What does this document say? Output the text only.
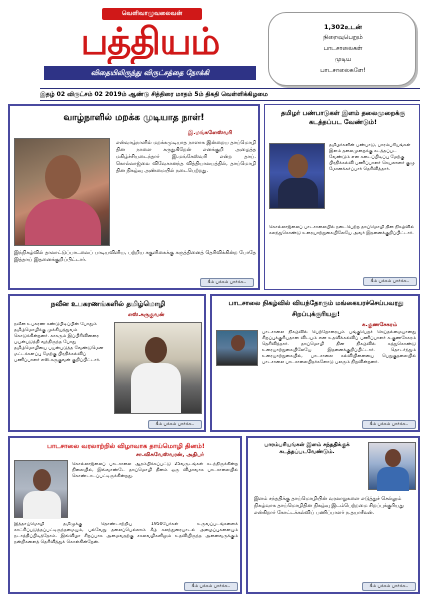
வெளிவாழுவலைவன்
பத்தியம்
விதையிலிருந்து விருட்சத்தை நோக்கி
1,302உடன்
நிறைவுபெறும்
பாடசாலைகள்
முடிய
பாடசாலைகளே!
இதழ் 02 விருட்சம் 02 2019ம் ஆண்டு சித்திரை மாதம் 5ம் திகதி வெள்ளிக்கிழமை
வாழ்நாளில் மறக்க முடியாத நாள்!
இ.மங்களேஸ்வரி
என்வாழ்நாளில் மறக்கமுடியாத நாளாக இன்றைய தாய்மொழி தின நாளை கருதுகிறேன் எனக்குறி அழைத்த மகிழ்ச்சியடைந்தார் இ.மங்கேஸ்வரி என்ற தாய். கொல்லாஜ்லை விவேகானந்த வித்தியாலயத்தில், தாய்மொழி தின நிகழ்வு அண்மையில் நடைபெற்றது.
இந்நிகழ்வில் தாலாட்டுப்பாடலைப் பாடியவிளிய, பற்றிய சகுளிகைக்கு கருத்தினைத் தெரிவிக்கின்ற போதே இத்தாய் இதனைக்குறிப்பிட்டார்.
4ம் பக்கம் பார்க்க..
தமிழர் பண்பாடுகள் இளம் தலைமுறைக்கு கடத்தப்பட வேண்டும்!
தமிழர்களின் பண்பாடு, பாரம்பரியங்கள் இளம் தலைமுறைக்கு கடத்தப்பட வேண்டும் என கடைப்பிடிப்பு மேற்கு பிரதிக்கல்வி பணிப்பாளர் செயலாளர் குழு மோனக்கர்ப்பார் தெரிவித்தார்.
கொல்லாஜ்லைப் பாடசாலையில் நடைபெற்ற தாய்மொழி தின நிகழ்வில் கலந்துகொண்டு உரையாற்றுகையிலேயே அவர் இதனைக்குறிப்பிட்டார்.
4ம் பக்கம் பார்க்க..
நவீன உபகரணங்களில் தமிழ்மொழி
எஸ்.சுருகுவன்
நவீன உபகரண கண்டுபிடிப்பின் போதும் தமிழ்மொழிக்கு முக்கியத்துவம் கொடுக்கின்றனர். காகரும் இப்பிரிவினரை பயன்படுத்தி வந்திருந்த போது தமிழ்மொழியை பயன்படுத்த வேண்டுமென மட்டக்களப்பு மேற்கு பிரதிக்கல்விப் பணிப்பாளர் எஸ்.சுருகுவன் குறிப்பிட்டார்.
4ம் பக்கம் பார்க்க..
பாடசாலை நிகழ்வில் வியந்தோரும் மங்கையரச்செய்பவரது சிறப்புக்குரியது!
க.குணசேகரம்
பாடசாலை நிகழ்வில் பெற்றோரையும் பங்குபெறச் செய்தல்மையானது சிறப்புக்குரியதான விடயம் என உதவிக்கல்விப் பணிப்பாளர் க.குணசேகரம் தெரிவித்தார். தாய்மொழி தின நிகழ்வில் கத்துகொண்டு உரையாற்றுகையிலேயே இதனைக்குறிப்பிட்டார். தொடர்ந்தும் உரையாற்றுகையில், பாடசாலை கல்வியினையை பெறுகுதலையில் பாடசாலை பாடசாலைபிதர்களோடு பலரும் நிறவின்றனர்.
4ம் பக்கம் பார்க்க..
பாடசாலை வரலாற்றில் விழாவாக தாய்மொழி தினம்!
சா.விசுவேஸ்வரன், அதிபர்
கொல்லாஜ்லைப் பாடசாலை ஆரம்பிக்கப்பட்டு 25வருடங்கள் கடந்திருக்கின்ற நிலையில், இவ்வாண்டே தாய்மொழி தினம் ஒரு விழாவாக பாடசாலையில் கொண்டாடப்பட்டிருக்கின்றது.
இத்தாய்மொழி தமிழுக்கு தொண்டாற்றிய 1950பேர்கள் உருவப்படங்களைக் காட்சிப்படுத்தப்பட்டிருந்தமையும், பல்வேறு தலைப்பெல்லாம் கீழ் கலந்துரையாடல் அழைப்புகளையும் நடாத்திப்பிடித்தோம். இவ்விழா சிறப்பாக அமைவதற்கு சகலவழிகளிலும் உதவியிருந்த அனைவருக்கும் நன்றிகளைத் தெரிவித்துக் கொள்கின்றேன்.
4ம் பக்கம் பார்க்க..
பாரம்பரியங்கள் இளம் சந்ததிக்குக் கடத்தப்படவேண்டும்.
இளம் சந்ததிக்கு தாய்மொழியின் வரலாறுகளை எடுத்துச் செல்லும் நிகழ்வாக தாய்மொழிதின நிகழ்வு இடம்பெற்றமை சிறப்புக்குரியது என்கிறார் கோட்டக்கல்விப் பணிப்பாளர் ந.தயாசீலன்.
4ம் பக்கம் பார்க்க..
